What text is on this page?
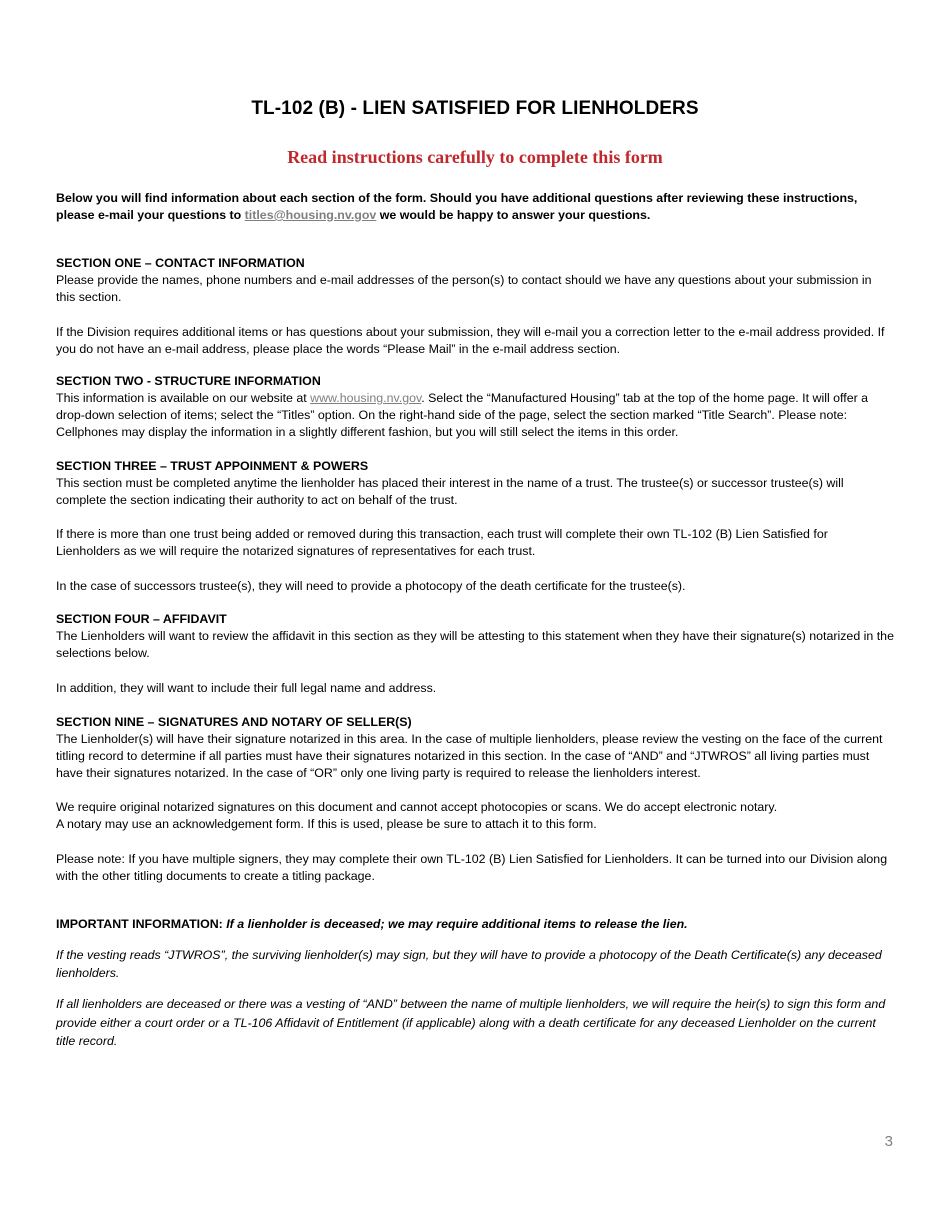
TL-102 (B) - LIEN SATISFIED FOR LIENHOLDERS
Read instructions carefully to complete this form
Below you will find information about each section of the form. Should you have additional questions after reviewing these instructions, please e-mail your questions to titles@housing.nv.gov we would be happy to answer your questions.
SECTION ONE – CONTACT INFORMATION
Please provide the names, phone numbers and e-mail addresses of the person(s) to contact should we have any questions about your submission in this section.
If the Division requires additional items or has questions about your submission, they will e-mail you a correction letter to the e-mail address provided. If you do not have an e-mail address, please place the words “Please Mail” in the e-mail address section.
SECTION TWO - STRUCTURE INFORMATION
This information is available on our website at www.housing.nv.gov. Select the “Manufactured Housing” tab at the top of the home page. It will offer a drop-down selection of items; select the “Titles” option. On the right-hand side of the page, select the section marked “Title Search”. Please note: Cellphones may display the information in a slightly different fashion, but you will still select the items in this order.
SECTION THREE – TRUST APPOINMENT & POWERS
This section must be completed anytime the lienholder has placed their interest in the name of a trust. The trustee(s) or successor trustee(s) will complete the section indicating their authority to act on behalf of the trust.
If there is more than one trust being added or removed during this transaction, each trust will complete their own TL-102 (B) Lien Satisfied for Lienholders as we will require the notarized signatures of representatives for each trust.
In the case of successors trustee(s), they will need to provide a photocopy of the death certificate for the trustee(s).
SECTION FOUR – AFFIDAVIT
The Lienholders will want to review the affidavit in this section as they will be attesting to this statement when they have their signature(s) notarized in the selections below.
In addition, they will want to include their full legal name and address.
SECTION NINE – SIGNATURES AND NOTARY OF SELLER(S)
The Lienholder(s) will have their signature notarized in this area. In the case of multiple lienholders, please review the vesting on the face of the current titling record to determine if all parties must have their signatures notarized in this section. In the case of “AND” and “JTWROS” all living parties must have their signatures notarized. In the case of “OR” only one living party is required to release the lienholders interest.
We require original notarized signatures on this document and cannot accept photocopies or scans. We do accept electronic notary.
A notary may use an acknowledgement form. If this is used, please be sure to attach it to this form.
Please note: If you have multiple signers, they may complete their own TL-102 (B) Lien Satisfied for Lienholders. It can be turned into our Division along with the other titling documents to create a titling package.
IMPORTANT INFORMATION: If a lienholder is deceased; we may require additional items to release the lien.
If the vesting reads “JTWROS”, the surviving lienholder(s) may sign, but they will have to provide a photocopy of the Death Certificate(s) any deceased lienholders.
If all lienholders are deceased or there was a vesting of “AND” between the name of multiple lienholders, we will require the heir(s) to sign this form and provide either a court order or a TL-106 Affidavit of Entitlement (if applicable) along with a death certificate for any deceased Lienholder on the current title record.
3
